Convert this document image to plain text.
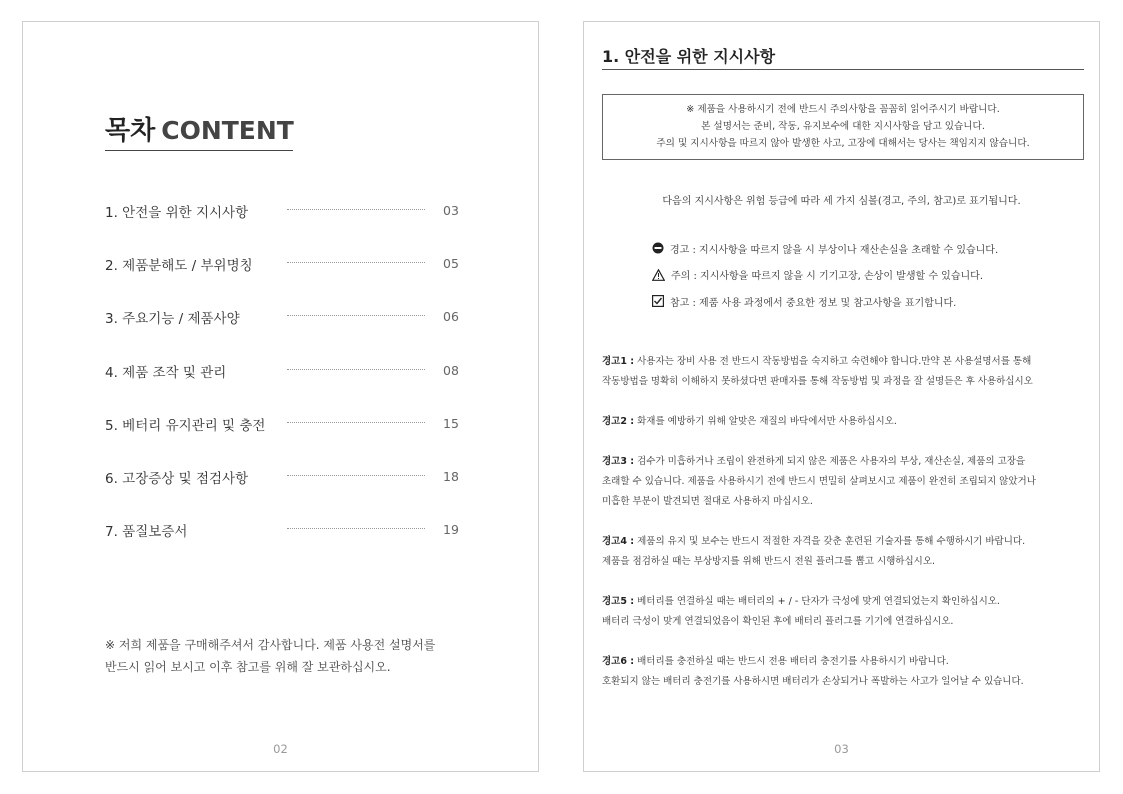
목차 CONTENT
1. 안전을 위한 지시사항	03
2. 제품분해도 / 부위명칭	05
3. 주요기능 / 제품사양	06
4. 제품 조작 및 관리	08
5. 베터리 유지관리 및 충전	15
6. 고장증상 및 점검사항	18
7. 품질보증서	19

※ 저희 제품을 구매해주셔서 감사합니다. 제품 사용전 설명서를
반드시 읽어 보시고 이후 참고를 위해 잘 보관하십시오.

02
1. 안전을 위한 지시사항

※ 제품을 사용하시기 전에 반드시 주의사항을 꼼꼼히 읽어주시기 바랍니다.

본 설명서는 준비, 작동, 유지보수에 대한 지시사항을 담고 있습니다.

주의 및 지시사항을 따르지 않아 발생한 사고, 고장에 대해서는 당사는 책임지지 않습니다.

다음의 지시사항은 위험 등급에 따라 세 가지 심볼(경고, 주의, 참고)로 표기됩니다.

경고 : 지시사항을 따르지 않을 시 부상이나 재산손실을 초래할 수 있습니다.
주의 : 지시사항을 따르지 않을 시 기기고장, 손상이 발생할 수 있습니다.
참고 : 제품 사용 과정에서 중요한 정보 및 참고사항을 표기합니다.
경고1 : 사용자는 장비 사용 전 반드시 작동방법을 숙지하고 숙련해야 합니다.만약 본 사용설명서를 통해
작동방법을 명확히 이해하지 못하셨다면 판매자를 통해 작동방법 및 과정을 잘 설명듣은 후 사용하십시오
경고2 : 화재를 예방하기 위해 알맞은 재질의 바닥에서만 사용하십시오.
경고3 : 검수가 미흡하거나 조립이 완전하게 되지 않은 제품은 사용자의 부상, 재산손실, 제품의 고장을
초래할 수 있습니다. 제품을 사용하시기 전에 반드시 면밀히 살펴보시고 제품이 완전히 조립되지 않았거나
미흡한 부분이 발견되면 절대로 사용하지 마십시오.
경고4 : 제품의 유지 및 보수는 반드시 적절한 자격을 갖춘 훈련된 기술자를 통해 수행하시기 바랍니다.
제품을 점검하실 때는 부상방지를 위해 반드시 전원 플러그를 뽑고 시행하십시오.
경고5 : 베터리를 연결하실 때는 배터리의 + / - 단자가 극성에 맞게 연결되었는지 확인하십시오.
배터리 극성이 맞게 연결되었음이 확인된 후에 배터리 플러그를 기기에 연결하십시오.
경고6 : 배터리를 충전하실 때는 반드시 전용 배터리 충전기를 사용하시기 바랍니다.
호환되지 않는 배터리 충전기를 사용하시면 배터리가 손상되거나 폭발하는 사고가 일어날 수 있습니다.
03
